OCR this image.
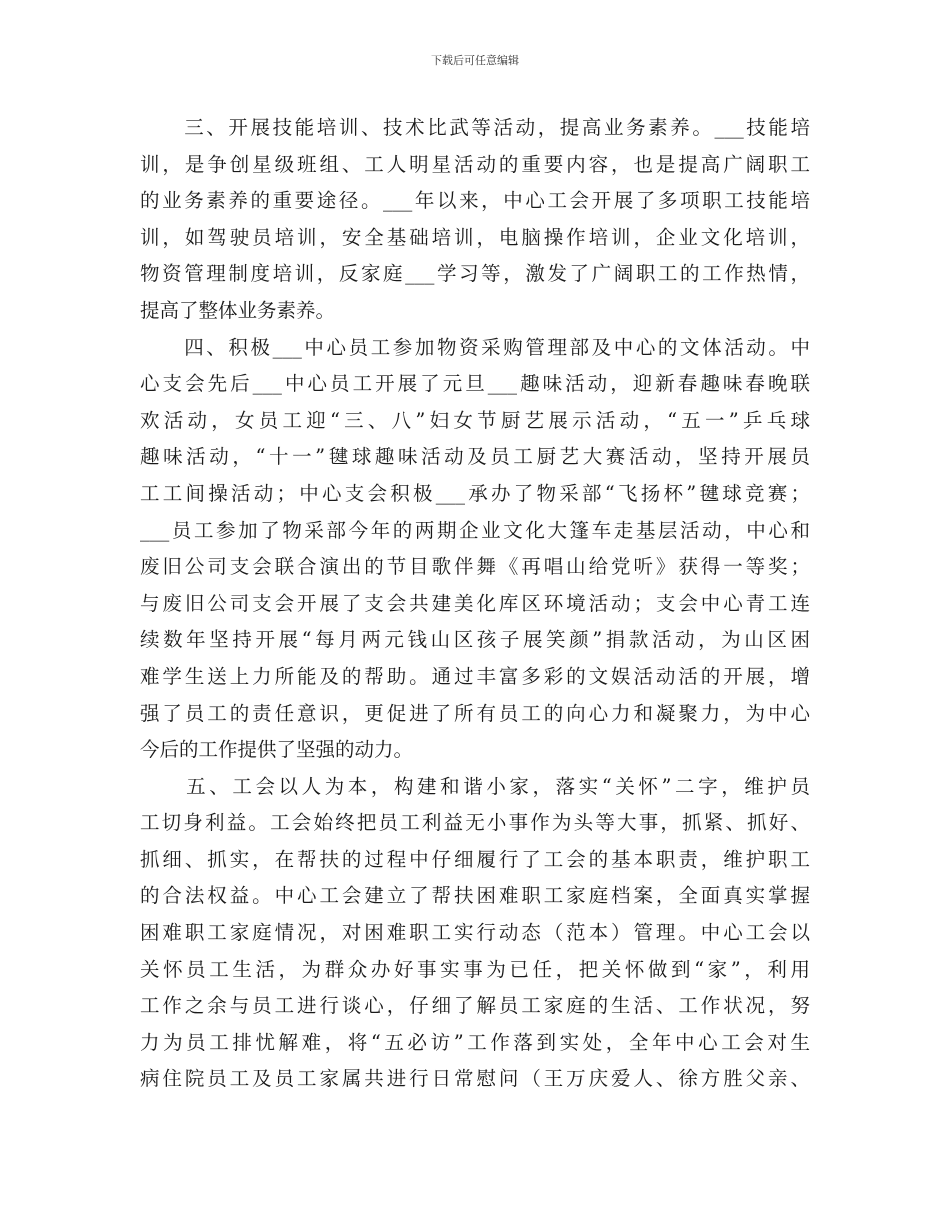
下载后可任意编辑
　　三、开展技能培训、技术比武等活动，提高业务素养。___技能培
训，是争创星级班组、工人明星活动的重要内容，也是提高广阔职工
的业务素养的重要途径。___年以来，中心工会开展了多项职工技能培
训，如驾驶员培训，安全基础培训，电脑操作培训，企业文化培训，
物资管理制度培训，反家庭___学习等，激发了广阔职工的工作热情，
提高了整体业务素养。
　　四、积极___中心员工参加物资采购管理部及中心的文体活动。中
心支会先后___中心员工开展了元旦___趣味活动，迎新春趣味春晚联
欢活动，女员工迎“三、八”妇女节厨艺展示活动，“五一”乒乓球
趣味活动，“十一”毽球趣味活动及员工厨艺大赛活动，坚持开展员
工工间操活动；中心支会积极___承办了物采部“飞扬杯”毽球竞赛；
___员工参加了物采部今年的两期企业文化大篷车走基层活动，中心和
废旧公司支会联合演出的节目歌伴舞《再唱山给党听》获得一等奖；
与废旧公司支会开展了支会共建美化库区环境活动；支会中心青工连
续数年坚持开展“每月两元钱山区孩子展笑颜”捐款活动，为山区困
难学生送上力所能及的帮助。通过丰富多彩的文娱活动活的开展，增
强了员工的责任意识，更促进了所有员工的向心力和凝聚力，为中心
今后的工作提供了坚强的动力。
　　五、工会以人为本，构建和谐小家，落实“关怀”二字，维护员
工切身利益。工会始终把员工利益无小事作为头等大事，抓紧、抓好、
抓细、抓实，在帮扶的过程中仔细履行了工会的基本职责，维护职工
的合法权益。中心工会建立了帮扶困难职工家庭档案，全面真实掌握
困难职工家庭情况，对困难职工实行动态（范本）管理。中心工会以
关怀员工生活，为群众办好事实事为已任，把关怀做到“家”，利用
工作之余与员工进行谈心，仔细了解员工家庭的生活、工作状况，努
力为员工排忧解难，将“五必访”工作落到实处，全年中心工会对生
病住院员工及员工家属共进行日常慰问（王万庆爱人、徐方胜父亲、
